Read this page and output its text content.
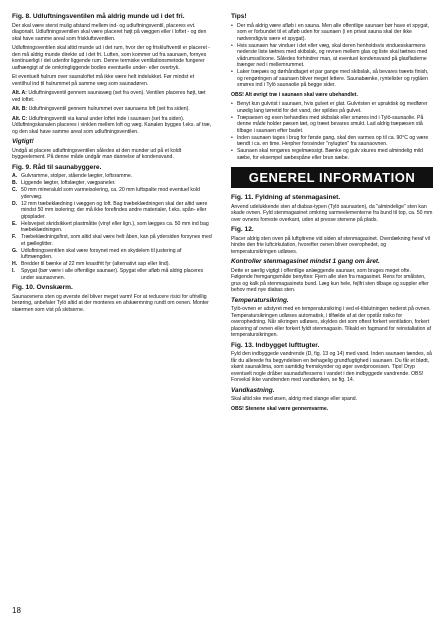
Fig. 8. Udluftningsventilen må aldrig munde ud i det fri.

Der skal være sterst mulig afstand mellem ind- og udluftningsventil, placeres evt. diagonalt. Udluftningsventilen skal være placeret højt på væggen eller i loftet - og den skal have samme areal som friskluftsventilen.

Udluftningsventilen skal altid munde ud i det rum, hvor der og friskluftventil er placeret - den må aldrig munde direkte ud i det fri. Luften, som kommer ud fra saunaen, fornyes kontinuerligt i det udenfor liggende rum. Denne termiske ventilationsmetode fungerer uafhængigt af de omkringliggende bodies eventuelle under- eller overtryk.

Et eventuelt hulrum over saunaloftet må ikke være helt indelukket. Før mindst et ventilhul ind til hulrummet på samme væg som saunadøren.

Alt. A: Udluftningsventil gennem saunavæg (set fra oven). Ventilen placeres højt, tæt ved loftet.

Alt. B: Udluftningsventil gennem hulrummet over saunaens loft (set fra siden).

Alt. C: Udluftningsventil via kanal under loftet inde i saunaen (set fra siden). Udluftningskanalen placeres i vinklen mellem loft og væg. Kanalen bygges f.eks. af træ, og den skal have samme areal som udluftningsventilen.

Vigtigt!

Undgå at placere udluftningsventilen således at den munder ud på et koldt byggeelement. På denne måde undgår man dannelse af kondensvand.

Fig. 9. Råd til saunabyggere.
A. Gulvramme, stolper, stående lægter, loftsramme.
B. Liggende lægter, loftslægter, vægpaneler.
C. 50 mm mineraluld som varmeisolering, ca. 20 mm luftspalte mod eventuel kold ydervæg.
D. 12 mm træbeklædning i væggen og loft. Bag træbeklædningen skal der altid være mindst 50 mm isolering; der må ikke forefindes andre materialer, f.eks. spån- eller gipsplader.
E. Helsvejset skridsikkert plastmåtte (vinyl eller lign.), som lægges ca. 50 mm ind bag træbeklædningen.
F. Træbeklædningsfirst, som altid skal være helt åben, kan på ydersiden forsynes med et gælleglitter.
G. Udluftningsventilen skal være forsynet med en skydelem til justering af luftmængden.
H. Bredder til bænke af 22 mm knastfrit fyr (alternativt asp eller lind).
I. Spygat (bør være i alle offentlige saunaer). Spygat eller afløb må aldrig placeres under saunaovnen.
Fig. 10. Ovnskærm.

Saunaovnens sten og øverste del bliver meget varm! For at reducere risici for ufrivillig berøring, anbefaler Tylö altid at der monteres en afskærmning rundt om ovnen. Monter skærmen som vist på skitserne.

Tips!
• Der må aldrig være afløb i en sauna. Men alle offentlige saunaer bør have et spygat, som er forbundet til et afløb uden for saunaen (i en privat sauna skal der ikke nødvendigvis være et spygat).
• Hvis saunaen har vinduer i det eller væg, skal deren henholdsvis vinduesskarmens nederste liste tætnes med skibslak, og revnen mellem glas og liste skal tætnes med vådrumssilicone. Således forhindrer man, at eventuel kondensvand på glasfladerne trænger ned i mellemrummet.
• Laker træpæs og dørhåndtaget et par gange med skibslak, så bevares træets finish, og rengøringen af saunaen bliver meget lettere. Saunabænke, ryntelister og rygläen smøres ind i Tylö saunaolie på begge sider.

OBS! Alt øvrigt træ i saunaen skal være ubehandlet.

• Benyt kun gulvrist i saunaen, hvis gulvet er glat. Gulvristen er upraktisk og medfører unødig lang tørretid for det vand, der spildes på gulvet.
• Træpaesen og esen behandles med skibslak eller smøres ind i Tylö-saunaolie. På denne måde holder pæsen tæt, og træet bevares smukt. Lad aldrig træpæsen stå tilbage i saunaen efter badet.
• Inden saunaen tages i brug for første gang, skal den varmes op til ca. 90°C og være tændt i ca. en time. Herpher forsvinder "nylugten" fra saunaovnen.
• Saunaen skal rengøres regelmæssigt. Bænke og gulv skures med almindelig mild sæbe, for eksempel sæbespåne eller brun sæbe.
GENEREL INFORMATION
Fig. 11. Fyldning af stenmagasinet.

Anvend udelukkende sten af diabas-typen (Tylö saunasten), da "almindelige" sten kan skade ovnen. Fyld stenmagasinet omkring varmeelementerne fra bund til top, ca. 50 mm over ovnens forreste overkant, uden at presse stenene på plads.

Fig. 12.

Placer aldrig sten oven på luftgitrene vid siden af stenmagasinet. Overdækning heraf vil hindre den frie luftcirkulation, hvorefter ovnen bliver overophedet, og temperatursikringen udløses.

Kontroller stenmagasinet mindst 1 gang om året.

Dette er særlig vigtigt i offentlige anlæggende saunaer, som bruges meget ofte. Følgende fremgangsmåde benyttes: Fjern alle sten fra magasinet. Rens for smålsten, grus og kalk på stenmagasinets bund. Læg kun hele, fejlfri sten tilbage og suppler efter behov med nye diabas sten.

Temperatursikring.

Tylö-ovnen er udstyret med en temperatursikring i ved el-tilslutningen nederst på ovnen. Temperatursikringen udløses automatisk, i tilfælde af at der opstår risiko for overophedning. Når sikringen udløses, skyldes det som oftest forkert ventilation, forkert placering af ovnen eller forkert fyldt stenmagasin. Tilkald en fagmand for reinstallation af temperatursikringen.

Fig. 13. Indbygget lufttugter.

Fyld den indbyggede vandrende (D, fig. 13 og 14) med vand. Inden saunaen tændes, så får du allerede fra begyndelsen en behagelig grundfugtighed i saunaen. Du får et blødt, skønt saunaklima, som samtidig fremskynder og øger svedprocessen. Tips! Dryp eventuelt nogle dråber saunaduftessens i vandet i den indbyggede vandrende. OBS! Forveksl ikke vandrenden med vandtanken, se fig. 14.

Vandkastning.

Skal altid ske med øsen, aldrig med slange eller spand.

OBS! Stenene skal være gennemvarme.

18
